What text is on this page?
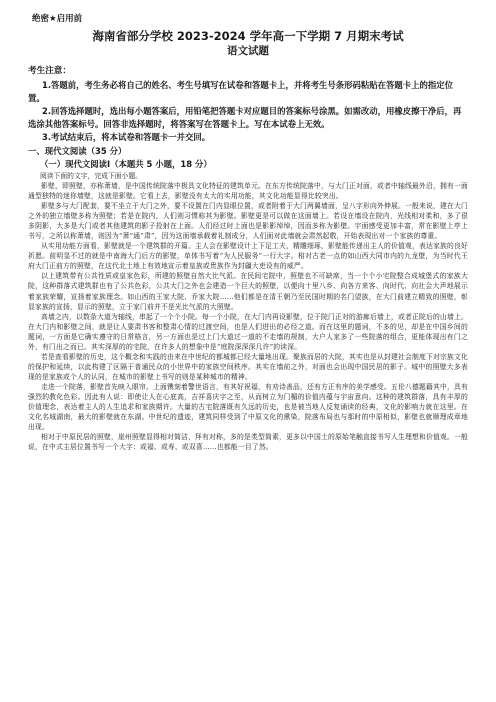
绝密★启用前
海南省部分学校 2023-2024 学年高一下学期 7 月期末考试
语文试题
考生注意：

1.答题前，考生务必将自己的姓名、考生号填写在试卷和答题卡上，并将考生号条形码粘贴在答题卡上的指定位置。

2.回答选择题时，选出每小题答案后，用铅笔把答题卡对应题目的答案标号涂黑。如需改动，用橡皮擦干净后，再选涂其他答案标号。回答非选择题时，将答案写在答题卡上。写在本试卷上无效。

3.考试结束后，将本试卷和答题卡一并交回。

一、现代文阅读（35 分）
（一）现代文阅读Ⅰ（本题共 5 小题，18 分）
阅读下面的文字，完成下面小题。

影壁，即照壁，亦称萧墙，是中国传统院落中极具文化特征的建筑单元。在东方传统院落中，与大门正对面，或者中轴线最外沿，拥有一面通型独特的迷你墙壁，这就是影壁。它看上去，影壁没有太大的实用功能，其文化功能显得比较突出。

影壁多与大门配套，要不坐立于大门之外，要不设置在门内显眼位置，或者附着于大门两翼墙面，呈八字形向外伸展。一般来说，建在大门之外的独立墙壁多称为照壁；若是在院内，人们则习惯称其为影壁。影壁更是可以做在这面墙上。若设在墙设在院内，光线相对柔和，多了很多阴影，大多是大门或者其他建筑的影子投射在上面。人们经过时上面也是影影绰绰，因而多称为影壁。宇面感受更加丰富，常在影壁上亭上书写，之所以称萧墙，则因为“萧”通“肃”，因为这面墙承载着礼制成分，人们面对此墙就会肃然起敬，开始表现出对一个家族的尊重。

从实用功能方面看，影壁就是一个建筑群的开篇。主人会在影壁设计上下足工夫，精雕细琢，影壁能传递出主人的价值观，表达家族的良好祈愿。前明显不过的就是中南海大门后方的影壁，单体书写着“为人民服务”一行大字。相对古老一点的如山西大同市内的九龙壁，为当时代王府大门正前方的照壁，在这代北土地上有效地宣示着皇族或贵族作为封疆大吏设有的威严。

以上建筑带有公共性质或皇家色彩，所建的照壁自然大比气派。在民间宅院中，照壁也不可缺席，当一个个小宅院整合成城堡式的家族大院，这种群落式建筑群也有了公共色彩，公共大门之外也会建造一个巨大的照壁，以便向十里八乡、向各方来客、向时代、向社会大声地展示着家族荣耀，宣扬着家族理念。如山西的王家大院、乔家大院……他们都是在清王朝乃至民国时期的名门望族，在大门前建立精致的照壁，彰显家族的宣扬，显示的照壁，立于家门前并不是光比气派的大照壁。

高墙之内，以数条大道为轴线，串起了一个个小院。每一个小院，在大门内再设影壁，位于院门正对的游廊后墙上，或者正院后的山墙上。在大门内和影壁之间，就是让人要肃书客和整肃心情的过渡空间，也是人们进出的必经之道。而在这里的题词，不多的见，却是在中国乡间的题词，一方面是它确实遵守的日常格言，另一方面也是过上门大道过一道的不走墙的规制，大户人家多了一些院落的组合，更能体现出有门之外，有门出之而已。其实深厚的的宅院，在许多人的想象中是“庭院深深深几许”的读深。

若是查看影壁的历史，这个概念和实践的由来在中世纪的都城都已经大量地出现。聚族而居的大院，其实也是从封建社会制度下对宗族文化的保护和延续，以此构建了区隔于普通民众的小世界中的家族空间秩序。其实在墙前之外，对面也会出现中国民居的影子。城中的照壁大多表现的是家族或个人的认同，在城市的影壁上书写的则是某种城市的精神。

走进一个院落，影壁首先映入眼帘。上面镌刻着警世语言，有其好祝福，有劝诗善品，还有方正有序的美学感受。五伦八德题籍其中，具有强烈的教化色彩。因此有人说：即使让人在心底高，吉祥喜庆字之至，从而树立为门楣的价值内蕴与宇宙意向。这种的建筑群落，具有丰厚的价值理念，表达着主人的人生追求和家族期许。大量的古宅院落既有久远的历史，也是被当地人反复诵读的经典，文化的影响力就在这里。在文化名城湖南，最大的影壁就在东湖。中世纪的遗迹，建筑同样受到了中原文化的熏染，院落布局也与那时的中原相似，影壁也就顺理成章地出现。

相对于中原民居的照壁，崖州照壁显得相对简洁，拜有对称，多的是类型简素，更多以中国土的原始笔触直接书写人生理想和价值观。一般说，在中式主居位置书写一个大字：或福、或寿、或双喜……也都能一目了然。
